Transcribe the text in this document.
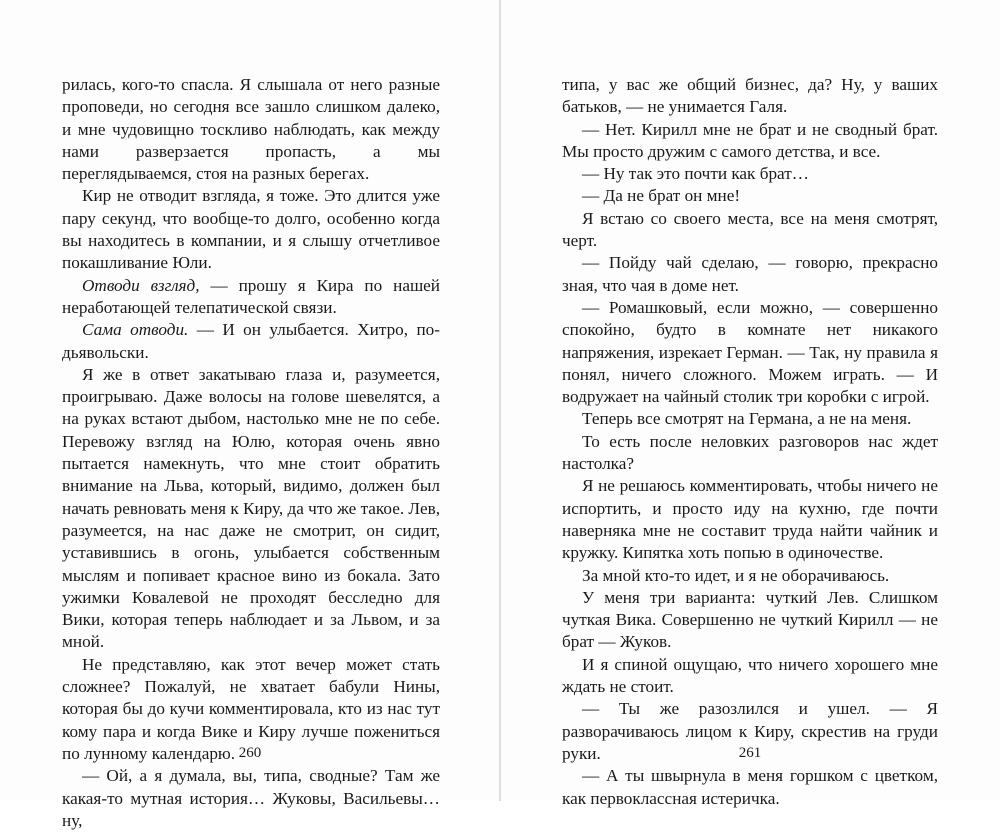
рилась, кого-то спасла. Я слышала от него разные проповеди, но сегодня все зашло слишком далеко, и мне чудовищно тоскливо наблюдать, как между нами разверзается пропасть, а мы переглядываемся, стоя на разных берегах.

Кир не отводит взгляда, я тоже. Это длится уже пару секунд, что вообще-то долго, особенно когда вы находитесь в компании, и я слышу отчетливое покашливание Юли.

Отводи взгляд, — прошу я Кира по нашей неработающей телепатической связи.

Сама отводи. — И он улыбается. Хитро, по-дьявольски.

Я же в ответ закатываю глаза и, разумеется, проигрываю. Даже волосы на голове шевелятся, а на руках встают дыбом, настолько мне не по себе. Перевожу взгляд на Юлю, которая очень явно пытается намекнуть, что мне стоит обратить внимание на Льва, который, видимо, должен был начать ревновать меня к Киру, да что же такое. Лев, разумеется, на нас даже не смотрит, он сидит, уставившись в огонь, улыбается собственным мыслям и попивает красное вино из бокала. Зато ужимки Ковалевой не проходят бесследно для Вики, которая теперь наблюдает и за Львом, и за мной.

Не представляю, как этот вечер может стать сложнее? Пожалуй, не хватает бабули Нины, которая бы до кучи комментировала, кто из нас тут кому пара и когда Вике и Киру лучше пожениться по лунному календарю.

— Ой, а я думала, вы, типа, сводные? Там же какая-то мутная история… Жуковы, Васильевы… ну,

260

типа, у вас же общий бизнес, да? Ну, у ваших батьков, — не унимается Галя.

— Нет. Кирилл мне не брат и не сводный брат. Мы просто дружим с самого детства, и все.

— Ну так это почти как брат…

— Да не брат он мне!

Я встаю со своего места, все на меня смотрят, черт.

— Пойду чай сделаю, — говорю, прекрасно зная, что чая в доме нет.

— Ромашковый, если можно, — совершенно спокойно, будто в комнате нет никакого напряжения, изрекает Герман. — Так, ну правила я понял, ничего сложного. Можем играть. — И водружает на чайный столик три коробки с игрой.

Теперь все смотрят на Германа, а не на меня.

То есть после неловких разговоров нас ждет настолка?

Я не решаюсь комментировать, чтобы ничего не испортить, и просто иду на кухню, где почти наверняка мне не составит труда найти чайник и кружку. Кипятка хоть попью в одиночестве.

За мной кто-то идет, и я не оборачиваюсь.

У меня три варианта: чуткий Лев. Слишком чуткая Вика. Совершенно не чуткий Кирилл — не брат — Жуков.

И я спиной ощущаю, что ничего хорошего мне ждать не стоит.

— Ты же разозлился и ушел. — Я разворачиваюсь лицом к Киру, скрестив на груди руки.

— А ты швырнула в меня горшком с цветком, как первоклассная истеричка.

261
